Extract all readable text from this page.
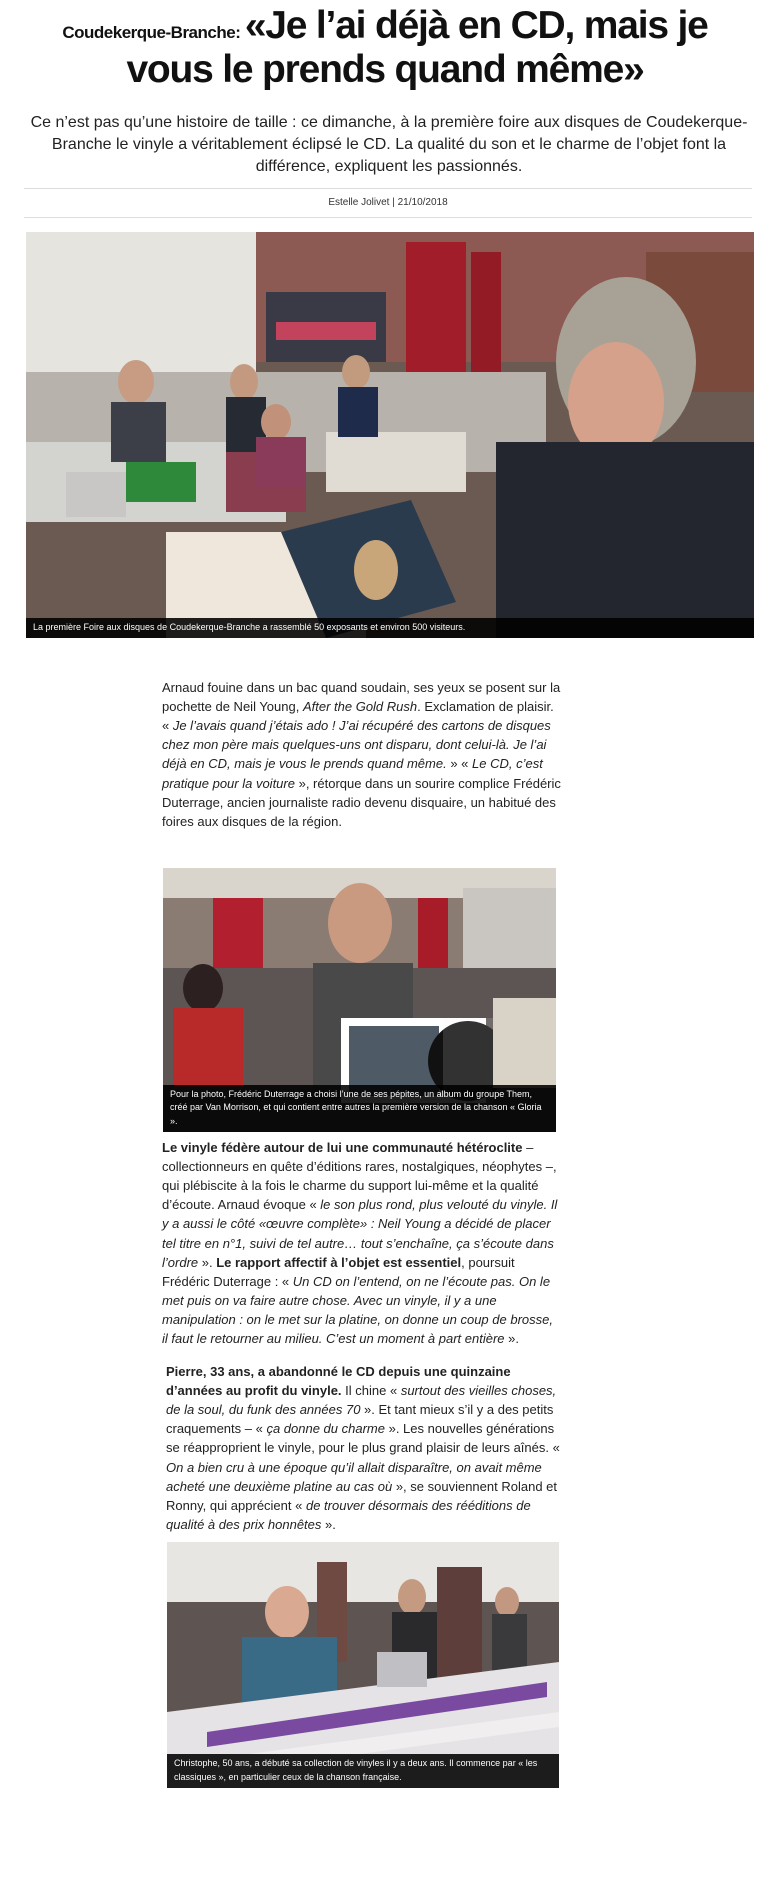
Coudekerque-Branche: «Je l’ai déjà en CD, mais je vous le prends quand même»

Ce n’est pas qu’une histoire de taille : ce dimanche, à la première foire aux disques de Coudekerque-Branche le vinyle a véritablement éclipsé le CD. La qualité du son et le charme de l’objet font la différence, expliquent les passionnés.

Estelle Jolivet | 21/10/2018
La première Foire aux disques de Coudekerque-Branche a rassemblé 50 exposants et environ 500 visiteurs.
Arnaud fouine dans un bac quand soudain, ses yeux se posent sur la pochette de Neil Young, After the Gold Rush. Exclamation de plaisir. « Je l’avais quand j’étais ado ! J’ai récupéré des cartons de disques chez mon père mais quelques-uns ont disparu, dont celui-là. Je l’ai déjà en CD, mais je vous le prends quand même. » « Le CD, c’est pratique pour la voiture », rétorque dans un sourire complice Frédéric Duterrage, ancien journaliste radio devenu disquaire, un habitué des foires aux disques de la région.
Pour la photo, Frédéric Duterrage a choisi l’une de ses pépites, un album du groupe Them, créé par Van Morrison, et qui contient entre autres la première version de la chanson « Gloria ».
Le vinyle fédère autour de lui une communauté hétéroclite – collectionneurs en quête d’éditions rares, nostalgiques, néophytes –, qui plébiscite à la fois le charme du support lui-même et la qualité d’écoute. Arnaud évoque « le son plus rond, plus velouté du vinyle. Il y a aussi le côté «œuvre complète» : Neil Young a décidé de placer tel titre en n°1, suivi de tel autre… tout s’enchaîne, ça s’écoute dans l’ordre ». Le rapport affectif à l’objet est essentiel, poursuit Frédéric Duterrage : « Un CD on l’entend, on ne l’écoute pas. On le met puis on va faire autre chose. Avec un vinyle, il y a une manipulation : on le met sur la platine, on donne un coup de brosse, il faut le retourner au milieu. C’est un moment à part entière ».
Pierre, 33 ans, a abandonné le CD depuis une quinzaine d’années au profit du vinyle. Il chine « surtout des vieilles choses, de la soul, du funk des années 70 ». Et tant mieux s’il y a des petits craquements – « ça donne du charme ». Les nouvelles générations se réapproprient le vinyle, pour le plus grand plaisir de leurs aînés. « On a bien cru à une époque qu’il allait disparaître, on avait même acheté une deuxième platine au cas où », se souviennent Roland et Ronny, qui apprécient « de trouver désormais des rééditions de qualité à des prix honnêtes ».
Christophe, 50 ans, a débuté sa collection de vinyles il y a deux ans. Il commence par « les classiques », en particulier ceux de la chanson française.
